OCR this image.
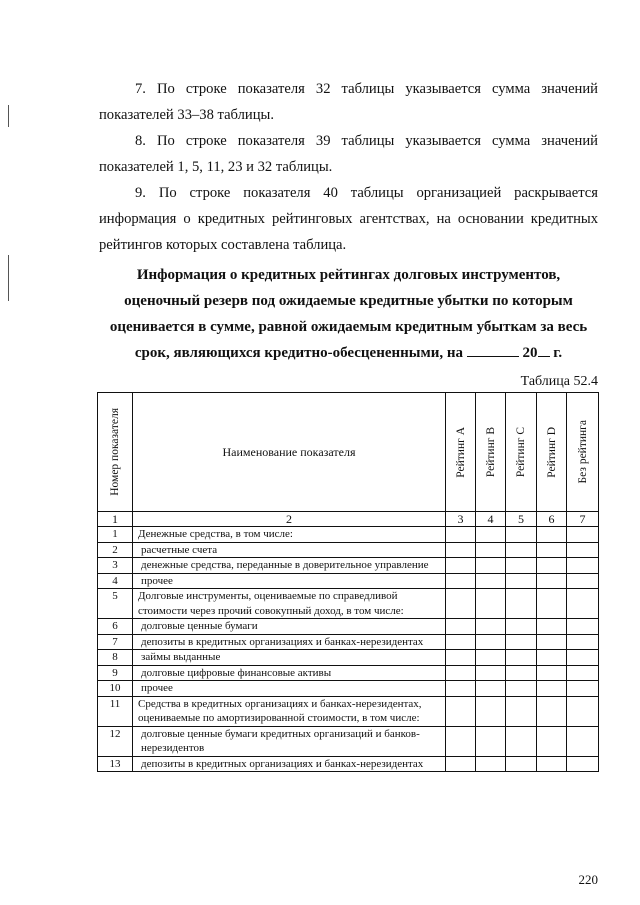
7. По строке показателя 32 таблицы указывается сумма значений показателей 33–38 таблицы.

8. По строке показателя 39 таблицы указывается сумма значений показателей 1, 5, 11, 23 и 32 таблицы.

9. По строке показателя 40 таблицы организацией раскрывается информация о кредитных рейтинговых агентствах, на основании кредитных рейтингов которых составлена таблица.

Информация о кредитных рейтингах долговых инструментов, оценочный резерв под ожидаемые кредитные убытки по которым оценивается в сумме, равной ожидаемым кредитным убыткам за весь срок, являющихся кредитно-обесцененными, на	20 г.

Таблица 52.4

Номер показателя	Наименование показателя	Рейтинг A	Рейтинг B	Рейтинг C	Рейтинг D	Без рейтинга

1	2	3	4	5	6	7
1	Денежные средства, в том числе:					
2	расчетные счета					
3	денежные средства, переданные в доверительное управление					
4	прочее					
5	Долговые инструменты, оцениваемые по справедливой стоимости через прочий совокупный доход, в том числе:					
6	долговые ценные бумаги					
7	депозиты в кредитных организациях и банках-нерезидентах					
8	займы выданные					
9	долговые цифровые финансовые активы					
10	прочее					
11	Средства в кредитных организациях и банках-нерезидентах, оцениваемые по амортизированной стоимости, в том числе:					
12	долговые ценные бумаги кредитных организаций и банков-нерезидентов					
13	депозиты в кредитных организациях и банках-нерезидентах					

220
